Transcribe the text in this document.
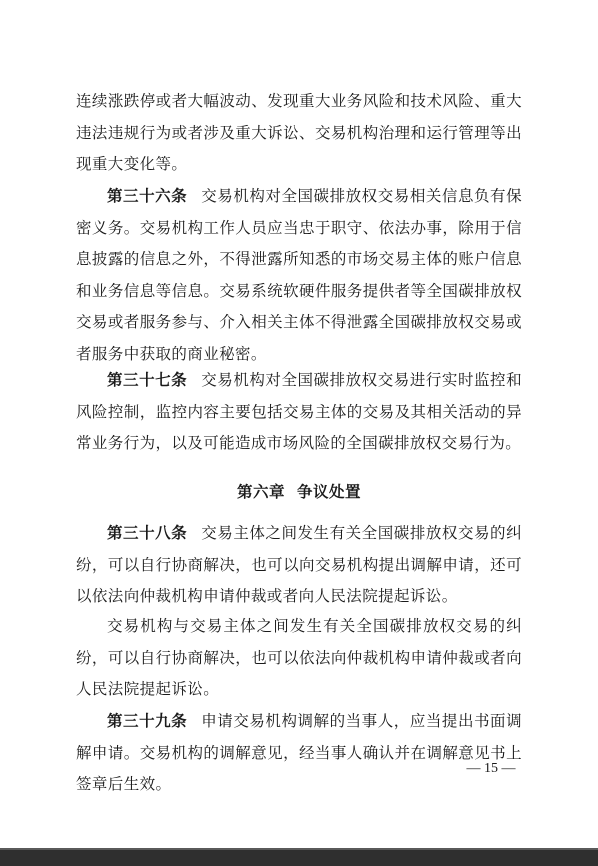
连续涨跌停或者大幅波动、发现重大业务风险和技术风险、重大违法违规行为或者涉及重大诉讼、交易机构治理和运行管理等出现重大变化等。

第三十六条 交易机构对全国碳排放权交易相关信息负有保密义务。交易机构工作人员应当忠于职守、依法办事，除用于信息披露的信息之外，不得泄露所知悉的市场交易主体的账户信息和业务信息等信息。交易系统软硬件服务提供者等全国碳排放权交易或者服务参与、介入相关主体不得泄露全国碳排放权交易或者服务中获取的商业秘密。

第三十七条 交易机构对全国碳排放权交易进行实时监控和风险控制，监控内容主要包括交易主体的交易及其相关活动的异常业务行为，以及可能造成市场风险的全国碳排放权交易行为。

第六章 争议处置

第三十八条 交易主体之间发生有关全国碳排放权交易的纠纷，可以自行协商解决，也可以向交易机构提出调解申请，还可以依法向仲裁机构申请仲裁或者向人民法院提起诉讼。

交易机构与交易主体之间发生有关全国碳排放权交易的纠纷，可以自行协商解决，也可以依法向仲裁机构申请仲裁或者向人民法院提起诉讼。

第三十九条 申请交易机构调解的当事人，应当提出书面调解申请。交易机构的调解意见，经当事人确认并在调解意见书上签章后生效。

— 15 —
